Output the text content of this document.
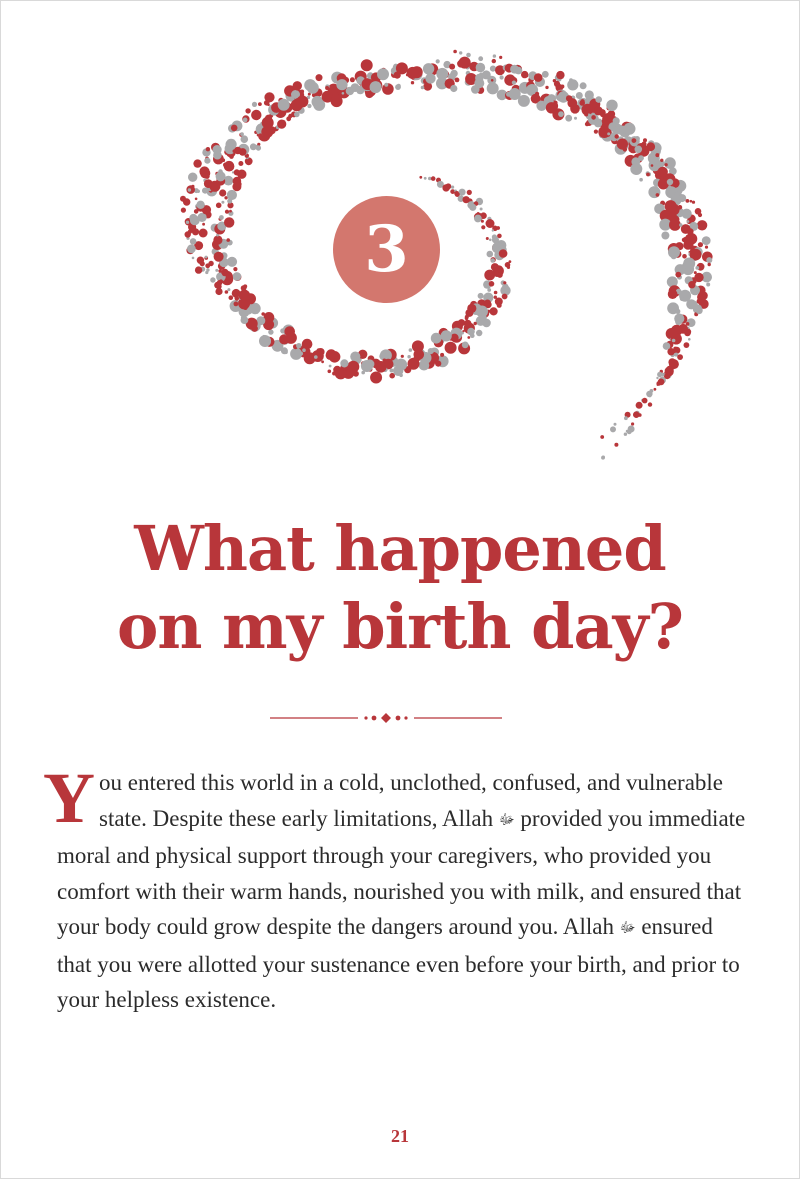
3
What happened
on my birth day?

You entered this world in a cold, unclothed, confused, and vulnerable state. Despite these early limitations, Allah ﷻ provided you immediate moral and physical support through your caregivers, who provided you comfort with their warm hands, nourished you with milk, and ensured that your body could grow despite the dangers around you. Allah ﷻ ensured that you were allotted your sustenance even before your birth, and prior to your helpless existence.

21
